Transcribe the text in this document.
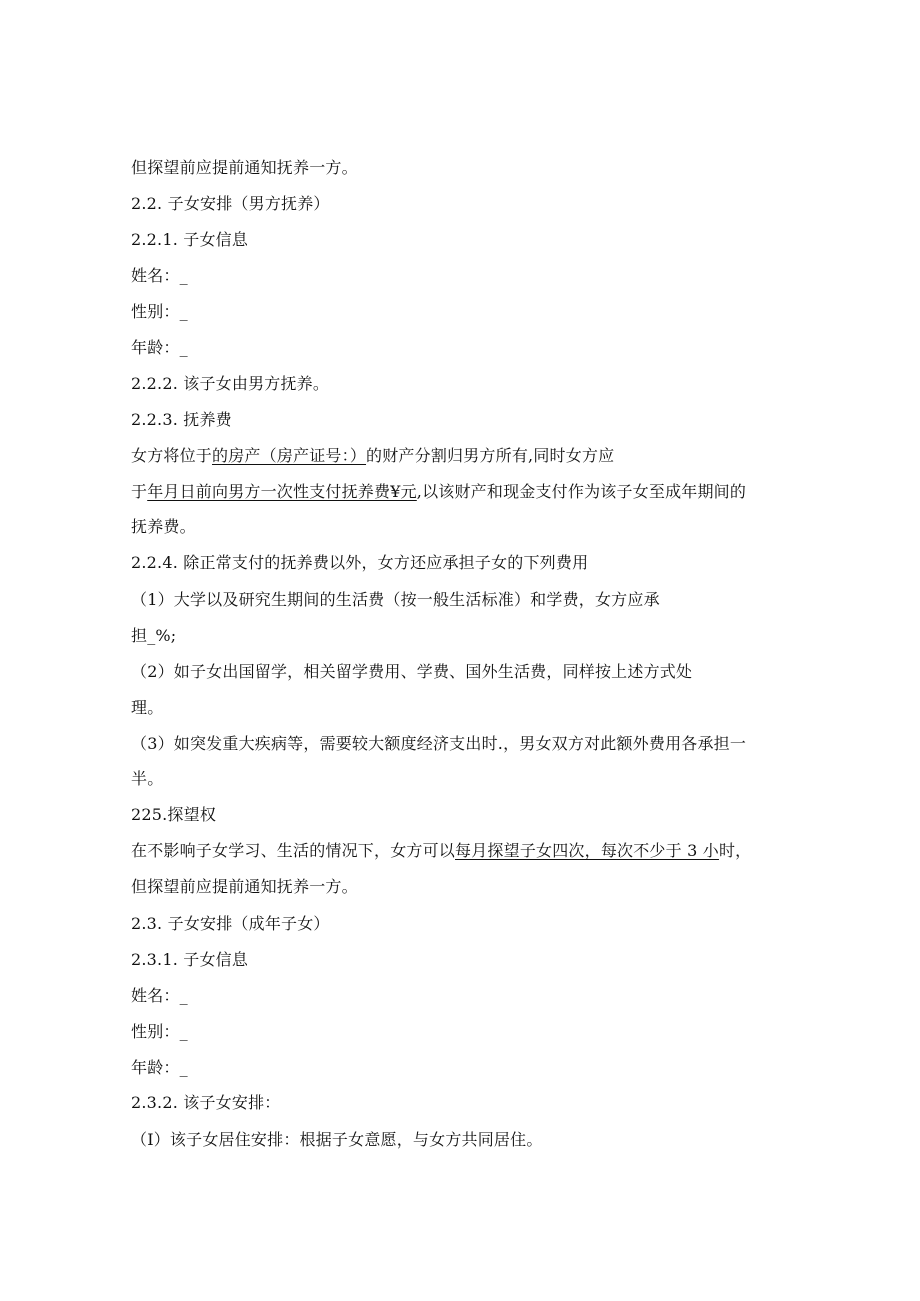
但探望前应提前通知抚养一方。
2.2. 子女安排（男方抚养）
2.2.1. 子女信息
姓名：_
性别：_
年龄：_
2.2.2. 该子女由男方抚养。
2.2.3. 抚养费
女方将位于的房产（房产证号：）的财产分割归男方所有,同时女方应
于年月日前向男方一次性支付抚养费¥元,以该财产和现金支付作为该子女至成年期间的
抚养费。
2.2.4. 除正常支付的抚养费以外，女方还应承担子女的下列费用
（1）大学以及研究生期间的生活费（按一般生活标准）和学费，女方应承
担_%;
（2）如子女出国留学，相关留学费用、学费、国外生活费，同样按上述方式处
理。
（3）如突发重大疾病等，需要较大额度经济支出时.，男女双方对此额外费用各承担一
半。
225.探望权
在不影响子女学习、生活的情况下，女方可以每月探望子女四次，每次不少于 3 小时，
但探望前应提前通知抚养一方。
2.3. 子女安排（成年子女）
2.3.1. 子女信息
姓名：_
性别：_
年龄：_
2.3.2. 该子女安排：
（I）该子女居住安排：根据子女意愿，与女方共同居住。
